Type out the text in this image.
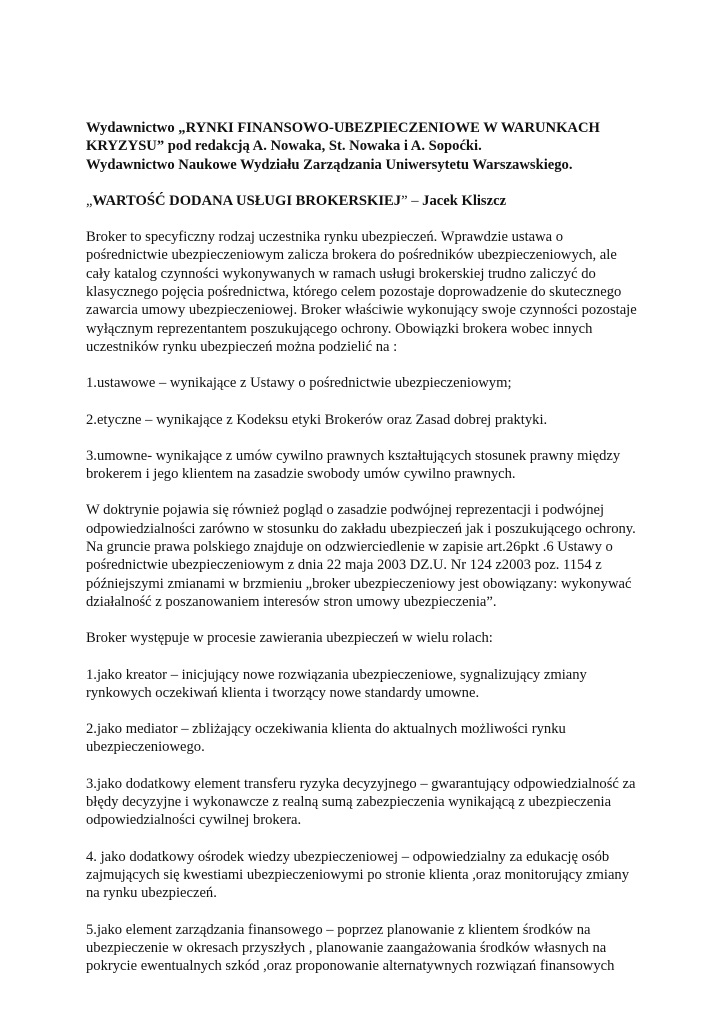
Wydawnictwo „RYNKI FINANSOWO-UBEZPIECZENIOWE W WARUNKACH
KRYZYSU” pod redakcją A. Nowaka, St. Nowaka i A. Sopoćki.
Wydawnictwo Naukowe Wydziału Zarządzania Uniwersytetu Warszawskiego.
„WARTOŚĆ DODANA USŁUGI BROKERSKIEJ” – Jacek Kliszcz
Broker to specyficzny rodzaj uczestnika rynku ubezpieczeń. Wprawdzie ustawa o
pośrednictwie ubezpieczeniowym zalicza brokera do pośredników ubezpieczeniowych, ale
cały katalog czynności wykonywanych w ramach usługi brokerskiej trudno zaliczyć do
klasycznego pojęcia pośrednictwa, którego celem pozostaje doprowadzenie do skutecznego
zawarcia umowy ubezpieczeniowej. Broker właściwie wykonujący swoje czynności pozostaje
wyłącznym reprezentantem poszukującego ochrony. Obowiązki brokera wobec innych
uczestników rynku ubezpieczeń można podzielić na :
1.ustawowe – wynikające z Ustawy o pośrednictwie ubezpieczeniowym;
2.etyczne – wynikające z Kodeksu etyki Brokerów oraz Zasad dobrej praktyki.
3.umowne- wynikające z umów cywilno prawnych kształtujących stosunek prawny między
brokerem i jego klientem na zasadzie swobody umów cywilno prawnych.
W doktrynie pojawia się również pogląd o zasadzie podwójnej reprezentacji i podwójnej
odpowiedzialności zarówno w stosunku do zakładu ubezpieczeń jak i poszukującego ochrony.
Na gruncie prawa polskiego znajduje on odzwierciedlenie w zapisie art.26pkt .6 Ustawy o
pośrednictwie ubezpieczeniowym z dnia 22 maja 2003 DZ.U. Nr 124 z2003 poz. 1154 z
późniejszymi zmianami w brzmieniu „broker ubezpieczeniowy jest obowiązany: wykonywać
działalność z poszanowaniem interesów stron umowy ubezpieczenia”.
Broker występuje w procesie zawierania ubezpieczeń w wielu rolach:
1.jako kreator – inicjujący nowe rozwiązania ubezpieczeniowe, sygnalizujący zmiany
rynkowych oczekiwań klienta i tworzący nowe standardy umowne.
2.jako mediator – zbliżający oczekiwania klienta do aktualnych możliwości rynku
ubezpieczeniowego.
3.jako dodatkowy element transferu ryzyka decyzyjnego – gwarantujący odpowiedzialność za
błędy decyzyjne i wykonawcze z realną sumą zabezpieczenia wynikającą z ubezpieczenia
odpowiedzialności cywilnej brokera.
4. jako dodatkowy ośrodek wiedzy ubezpieczeniowej – odpowiedzialny za edukację osób
zajmujących się kwestiami ubezpieczeniowymi po stronie klienta ,oraz monitorujący zmiany
na rynku ubezpieczeń.
5.jako element zarządzania finansowego – poprzez planowanie z klientem środków na
ubezpieczenie w okresach przyszłych , planowanie zaangażowania środków własnych na
pokrycie ewentualnych szkód ,oraz proponowanie alternatywnych rozwiązań finansowych
